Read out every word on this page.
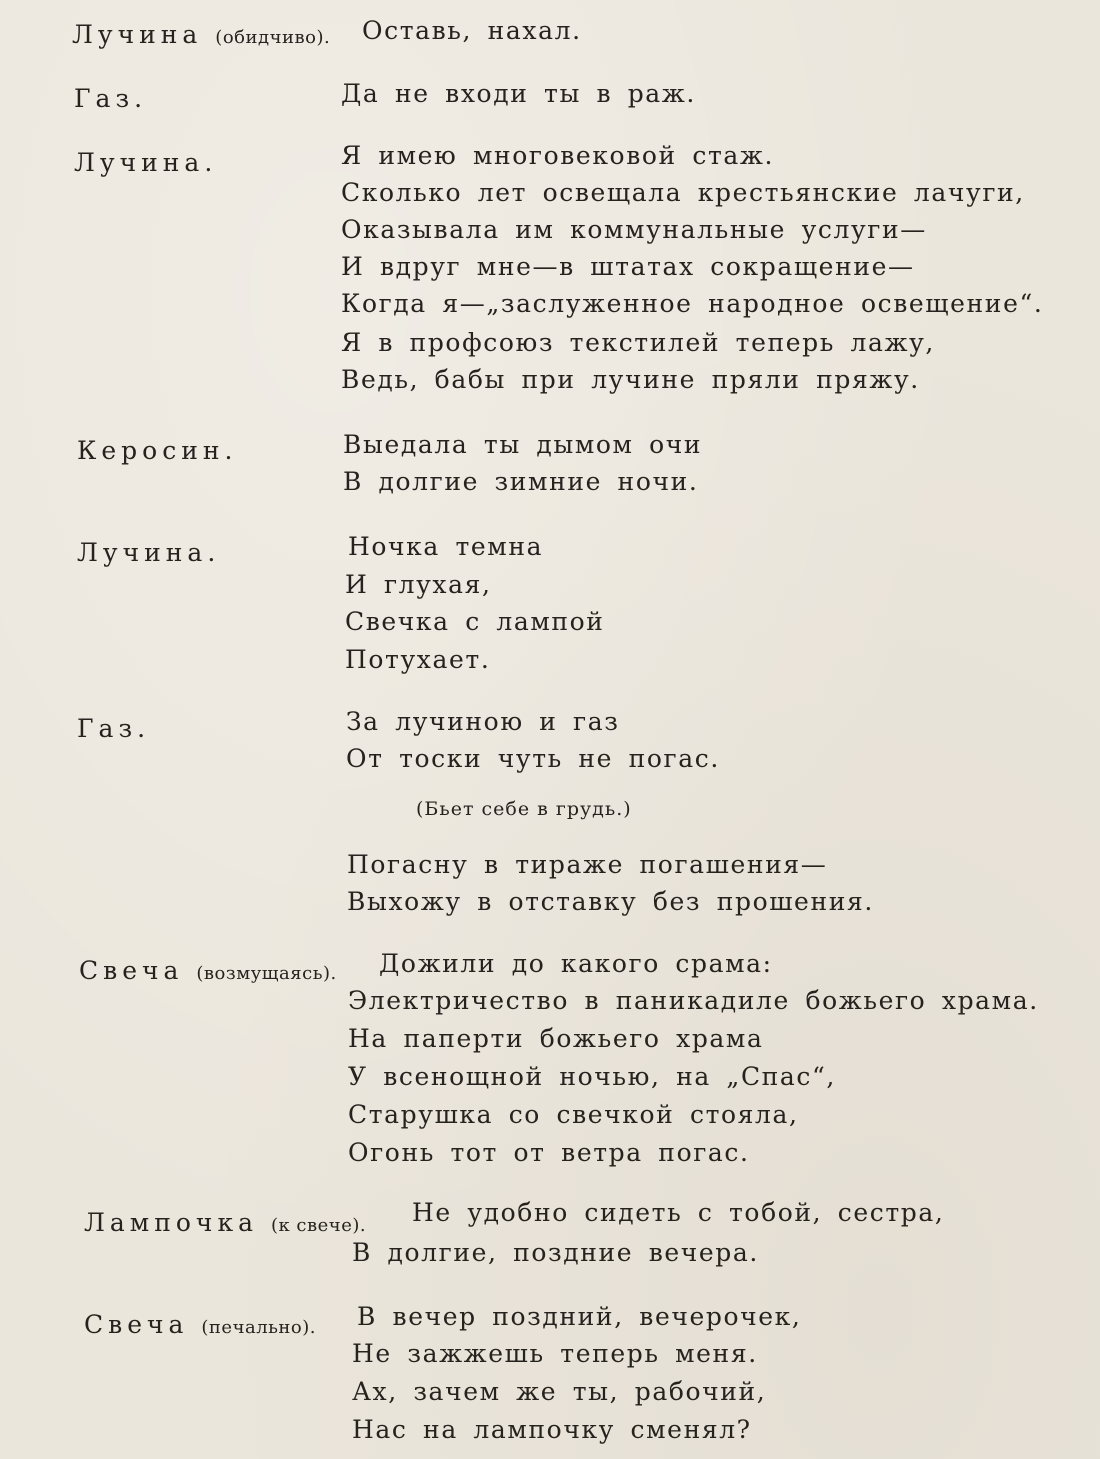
Лучина (обидчиво). Оставь, нахал.
Газ.	Да не входи ты в раж.
Лучина.	Я имею многовековой стаж.
Сколько лет освещала крестьянские лачуги,
Оказывала им коммунальные услуги—
И вдруг мне—в штатах сокращение—
Когда я—„заслуженное народное освещение“.
Я в профсоюз текстилей теперь лажу,
Ведь, бабы при лучине пряли пряжу.
Керосин.	Выедала ты дымом очи
В долгие зимние ночи.
Лучина.	Ночка темна
И глухая,
Свечка с лампой
Потухает.
Газ.	За лучиною и газ
От тоски чуть не погас.
(Бьет себе в грудь.)
Погасну в тираже погашения—
Выхожу в отставку без прошения.
Свеча (возмущаясь). Дожили до какого срама:
Электричество в паникадиле божьего храма.
На паперти божьего храма
У всенощной ночью, на „Спас“,
Старушка со свечкой стояла,
Огонь тот от ветра погас.
Лампочка (к свече). Не удобно сидеть с тобой, сестра,
В долгие, поздние вечера.
Свеча (печально). В вечер поздний, вечерочек,
Не зажжешь теперь меня.
Ах, зачем же ты, рабочий,
Нас на лампочку сменял?
